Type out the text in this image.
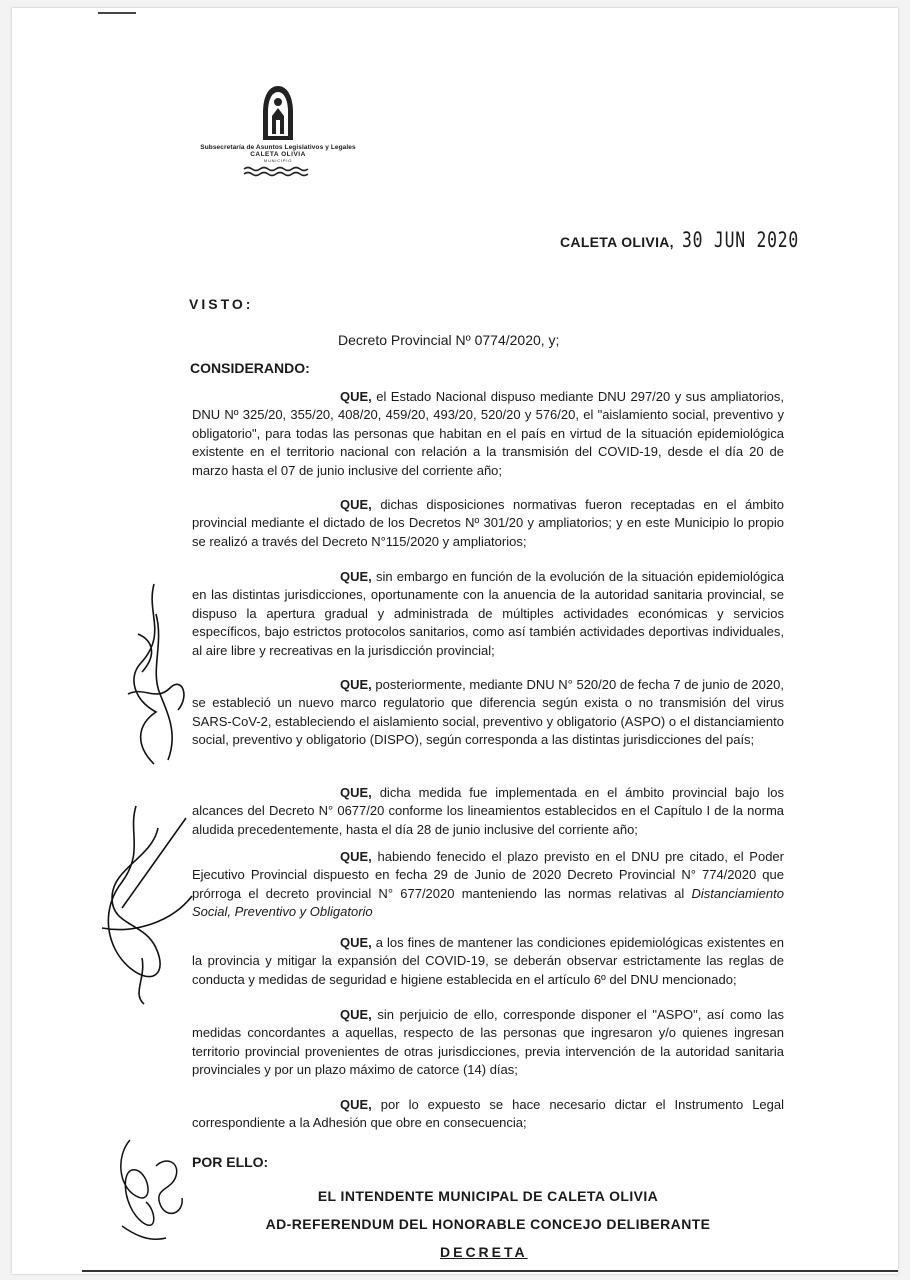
Subsecretaría de Asuntos Legislativos y Legales
CALETA OLIVIA
MUNICIPIO
CALETA OLIVIA, 30 JUN 2020
VISTO:
Decreto Provincial Nº 0774/2020, y;
CONSIDERANDO:
QUE, el Estado Nacional dispuso mediante DNU 297/20 y sus ampliatorios, DNU Nº 325/20, 355/20, 408/20, 459/20, 493/20, 520/20 y 576/20, el "aislamiento social, preventivo y obligatorio", para todas las personas que habitan en el país en virtud de la situación epidemiológica existente en el territorio nacional con relación a la transmisión del COVID-19, desde el día 20 de marzo hasta el 07 de junio inclusive del corriente año;
QUE, dichas disposiciones normativas fueron receptadas en el ámbito provincial mediante el dictado de los Decretos Nº 301/20 y ampliatorios; y en este Municipio lo propio se realizó a través del Decreto N°115/2020 y ampliatorios;
QUE, sin embargo en función de la evolución de la situación epidemiológica en las distintas jurisdicciones, oportunamente con la anuencia de la autoridad sanitaria provincial, se dispuso la apertura gradual y administrada de múltiples actividades económicas y servicios específicos, bajo estrictos protocolos sanitarios, como así también actividades deportivas individuales, al aire libre y recreativas en la jurisdicción provincial;
QUE, posteriormente, mediante DNU N° 520/20 de fecha 7 de junio de 2020, se estableció un nuevo marco regulatorio que diferencia según exista o no transmisión del virus SARS-CoV-2, estableciendo el aislamiento social, preventivo y obligatorio (ASPO) o el distanciamiento social, preventivo y obligatorio (DISPO), según corresponda a las distintas jurisdicciones del país;
QUE, dicha medida fue implementada en el ámbito provincial bajo los alcances del Decreto N° 0677/20 conforme los lineamientos establecidos en el Capítulo I de la norma aludida precedentemente, hasta el día 28 de junio inclusive del corriente año;
QUE, habiendo fenecido el plazo previsto en el DNU pre citado, el Poder Ejecutivo Provincial dispuesto en fecha 29 de Junio de 2020 Decreto Provincial N° 774/2020 que prórroga el decreto provincial N° 677/2020 manteniendo las normas relativas al Distanciamiento Social, Preventivo y Obligatorio
QUE, a los fines de mantener las condiciones epidemiológicas existentes en la provincia y mitigar la expansión del COVID-19, se deberán observar estrictamente las reglas de conducta y medidas de seguridad e higiene establecida en el artículo 6º del DNU mencionado;
QUE, sin perjuicio de ello, corresponde disponer el "ASPO", así como las medidas concordantes a aquellas, respecto de las personas que ingresaron y/o quienes ingresan territorio provincial provenientes de otras jurisdicciones, previa intervención de la autoridad sanitaria provinciales y por un plazo máximo de catorce (14) días;
QUE, por lo expuesto se hace necesario dictar el Instrumento Legal correspondiente a la Adhesión que obre en consecuencia;
POR ELLO:
EL INTENDENTE MUNICIPAL DE CALETA OLIVIA
AD-REFERENDUM DEL HONORABLE CONCEJO DELIBERANTE
DECRETA
